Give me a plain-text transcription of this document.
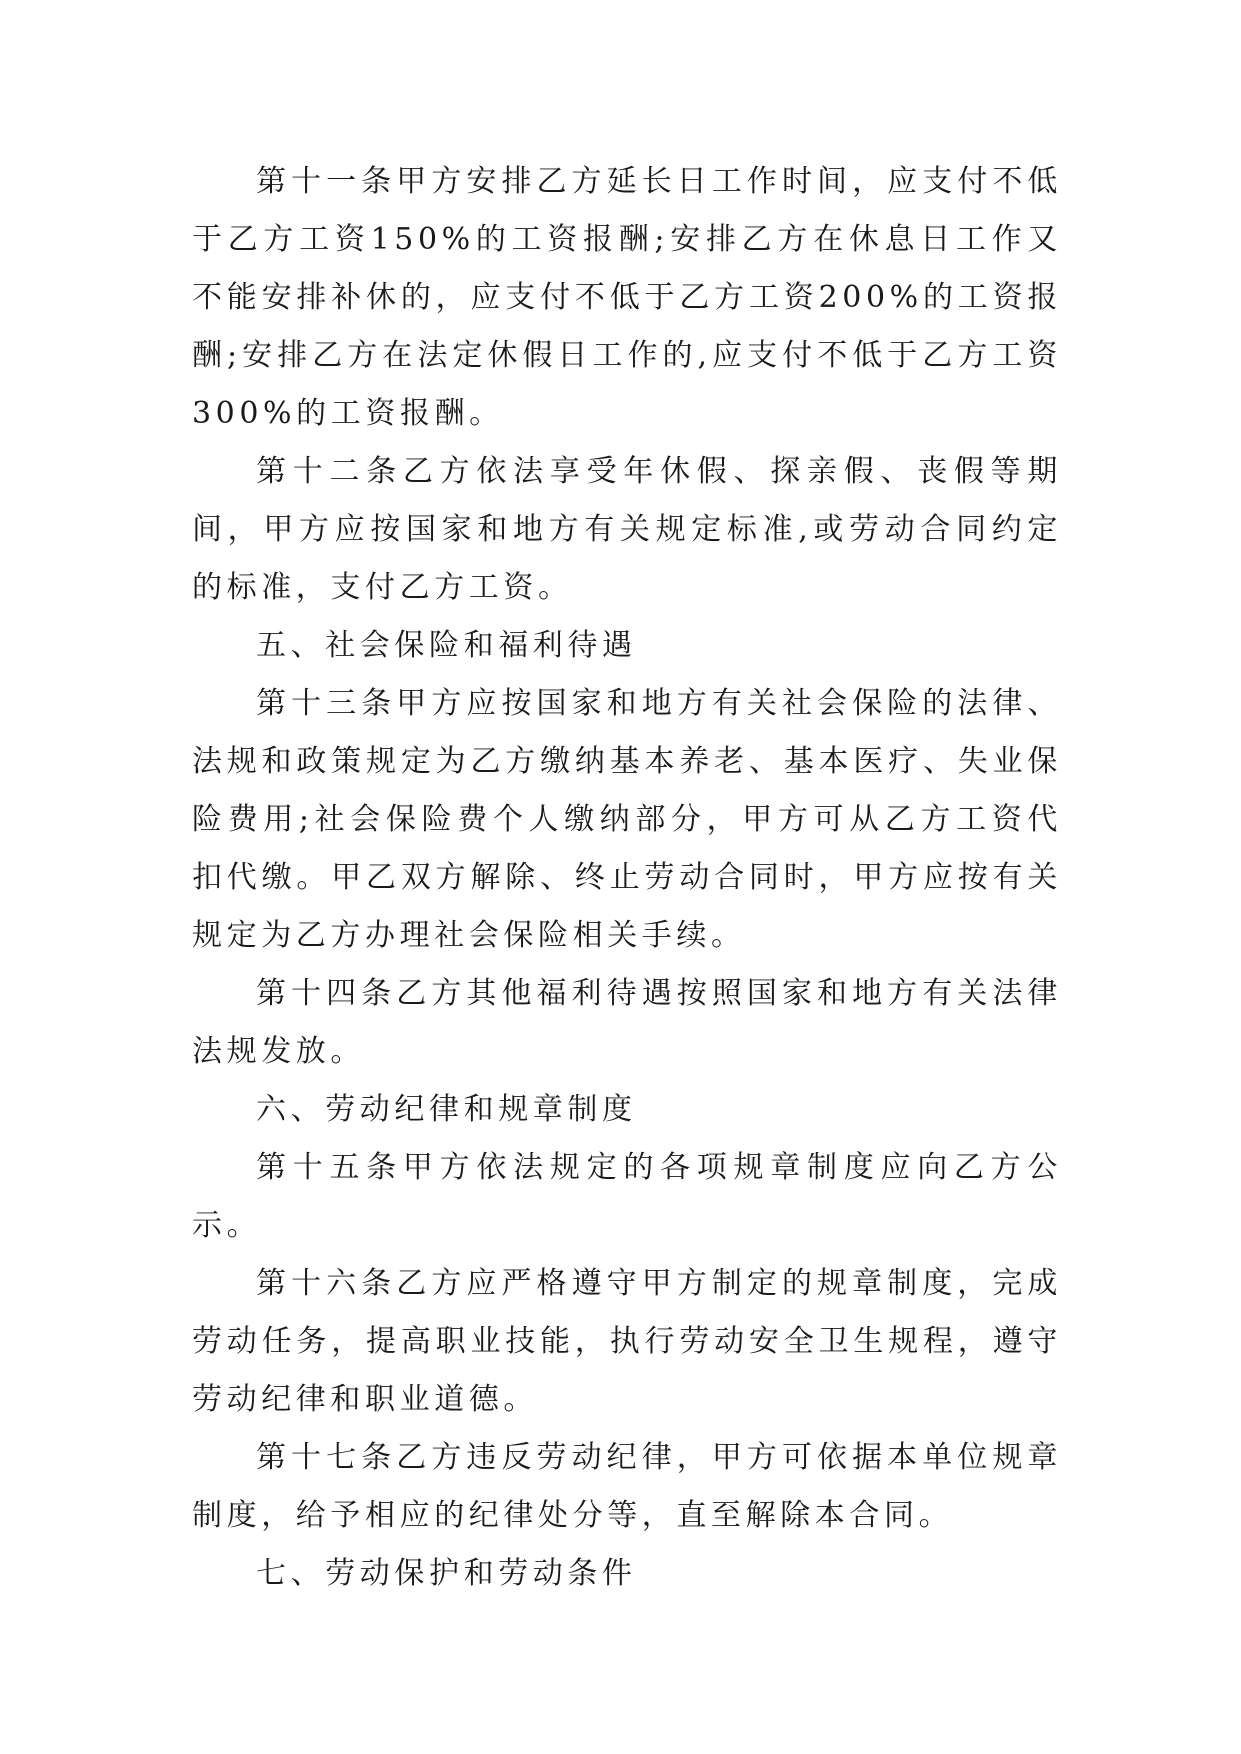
第十一条甲方安排乙方延长日工作时间，应支付不低于乙方工资150%的工资报酬;安排乙方在休息日工作又不能安排补休的，应支付不低于乙方工资200%的工资报酬;安排乙方在法定休假日工作的,应支付不低于乙方工资300%的工资报酬。

第十二条乙方依法享受年休假、探亲假、丧假等期间，甲方应按国家和地方有关规定标准,或劳动合同约定的标准，支付乙方工资。

五、社会保险和福利待遇

第十三条甲方应按国家和地方有关社会保险的法律、法规和政策规定为乙方缴纳基本养老、基本医疗、失业保险费用;社会保险费个人缴纳部分，甲方可从乙方工资代扣代缴。甲乙双方解除、终止劳动合同时，甲方应按有关规定为乙方办理社会保险相关手续。

第十四条乙方其他福利待遇按照国家和地方有关法律法规发放。

六、劳动纪律和规章制度

第十五条甲方依法规定的各项规章制度应向乙方公示。

第十六条乙方应严格遵守甲方制定的规章制度，完成劳动任务，提高职业技能，执行劳动安全卫生规程，遵守劳动纪律和职业道德。

第十七条乙方违反劳动纪律，甲方可依据本单位规章制度，给予相应的纪律处分等，直至解除本合同。

七、劳动保护和劳动条件
